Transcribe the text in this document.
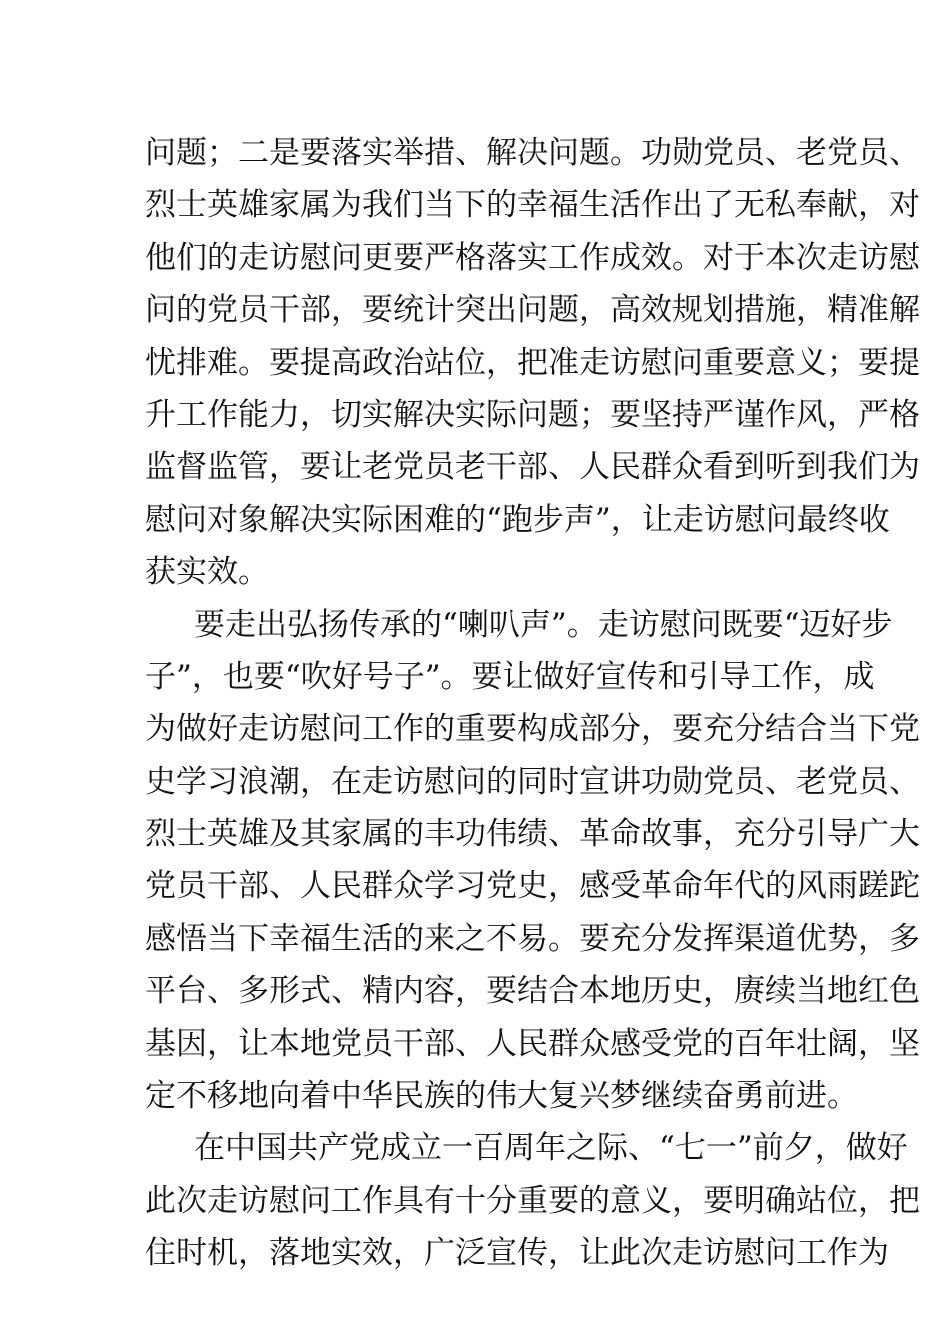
问题；二是要落实举措、解决问题。功勋党员、老党员、
烈士英雄家属为我们当下的幸福生活作出了无私奉献，对
他们的走访慰问更要严格落实工作成效。对于本次走访慰
问的党员干部，要统计突出问题，高效规划措施，精准解
忧排难。要提高政治站位，把准走访慰问重要意义；要提
升工作能力，切实解决实际问题；要坚持严谨作风，严格
监督监管，要让老党员老干部、人民群众看到听到我们为
慰问对象解决实际困难的“跑步声”，让走访慰问最终收
获实效。
要走出弘扬传承的“喇叭声”。走访慰问既要“迈好步
子”，也要“吹好号子”。要让做好宣传和引导工作，成
为做好走访慰问工作的重要构成部分，要充分结合当下党
史学习浪潮，在走访慰问的同时宣讲功勋党员、老党员、
烈士英雄及其家属的丰功伟绩、革命故事，充分引导广大
党员干部、人民群众学习党史，感受革命年代的风雨蹉跎
感悟当下幸福生活的来之不易。要充分发挥渠道优势，多
平台、多形式、精内容，要结合本地历史，赓续当地红色
基因，让本地党员干部、人民群众感受党的百年壮阔，坚
定不移地向着中华民族的伟大复兴梦继续奋勇前进。
在中国共产党成立一百周年之际、“七一”前夕，做好
此次走访慰问工作具有十分重要的意义，要明确站位，把
住时机，落地实效，广泛宣传，让此次走访慰问工作为
